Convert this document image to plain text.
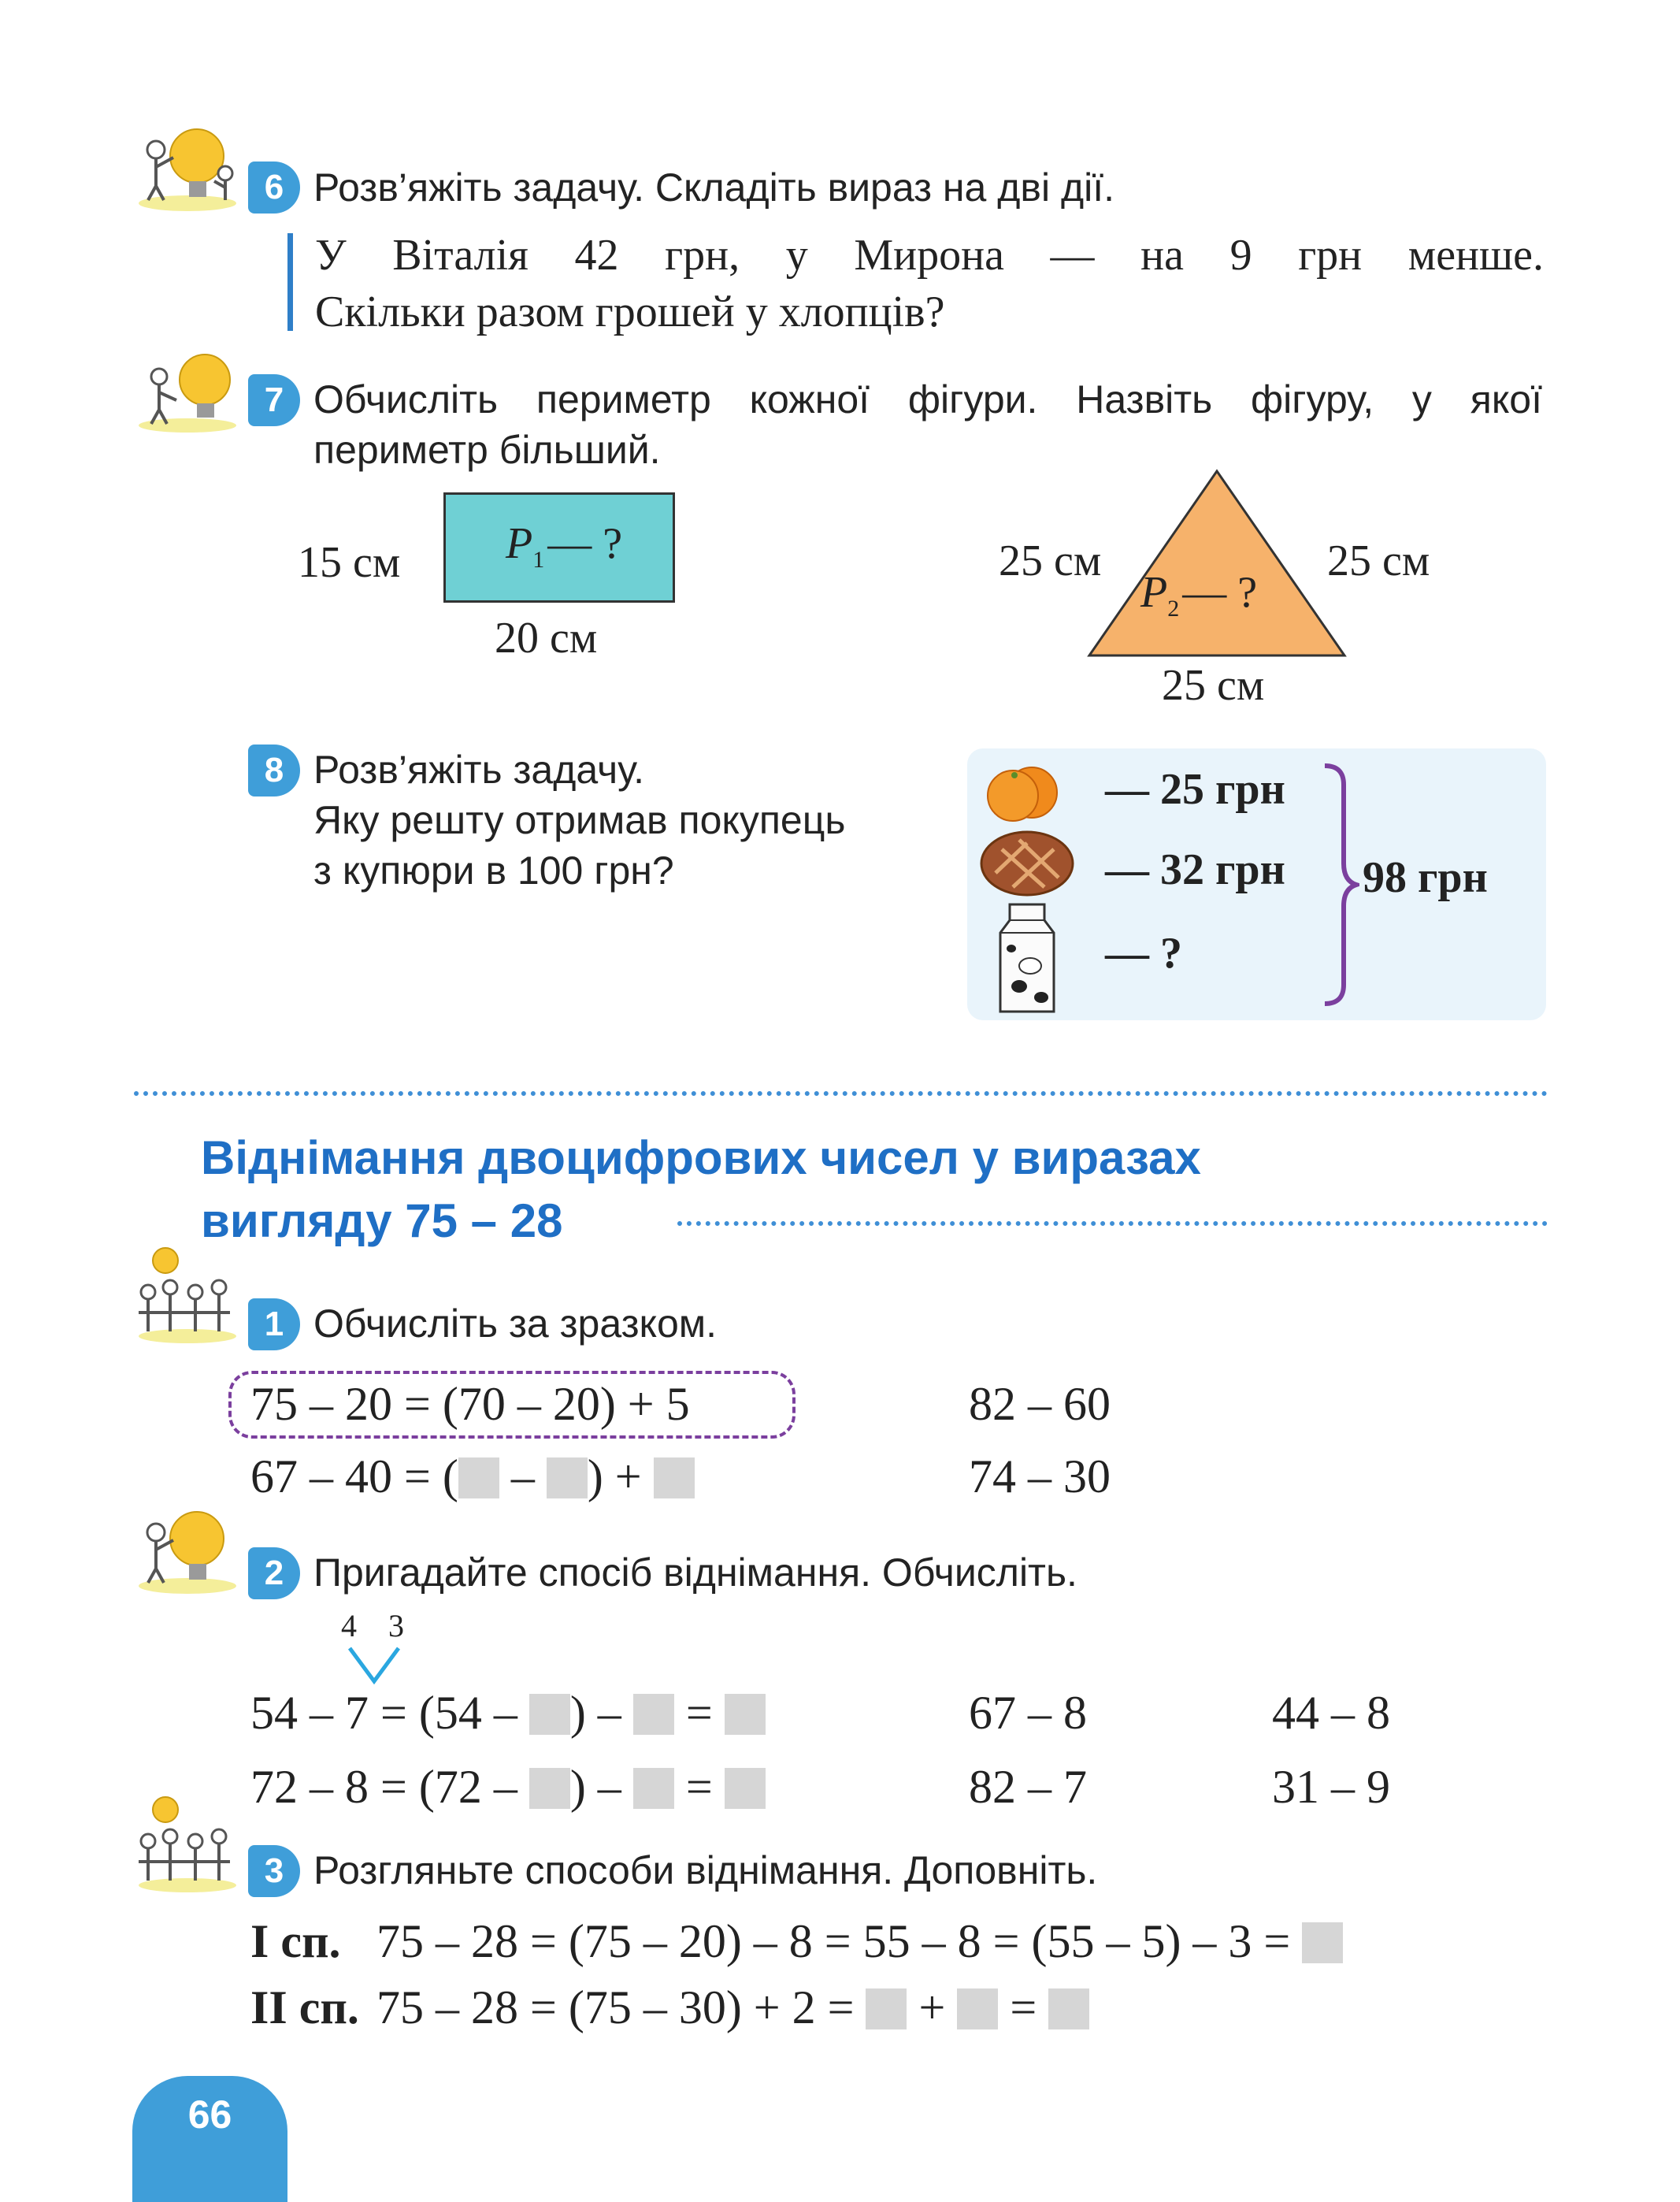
6 Розв’яжіть задачу. Складіть вираз на дві дії.
У Віталія 42 грн, у Мирона — на 9 грн менше.
Скільки разом грошей у хлопців?
7 Обчисліть периметр кожної фігури. Назвіть фігуру, у якої
периметр більший.
15 см $P_1—$ ?
20 см
$P_2—$ ?
25 см	25 см
25 см
8 Розв’яжіть задачу.
Яку решту отримав покупець
з купюри в 100 грн?
— 25 грн
— 32 грн
— ?
98 грн
Віднімання двоцифрових чисел у виразах
вигляду 75 – 28
1 Обчисліть за зразком.
75 – 20 = (70 – 20) + 5
67 – 40 = ( – ) +
82 – 60
74 – 30
2 Пригадайте спосіб віднімання. Обчисліть.
4 3
54 – 7 = (54 – ) – =
72 – 8 = (72 – ) – =
67 – 8
82 – 7
44 – 8
31 – 9
3 Розгляньте способи віднімання. Доповніть.
I сп. 75 – 28 = (75 – 20) – 8 = 55 – 8 = (55 – 5) – 3 =
II сп. 75 – 28 = (75 – 30) + 2 = + =
66
